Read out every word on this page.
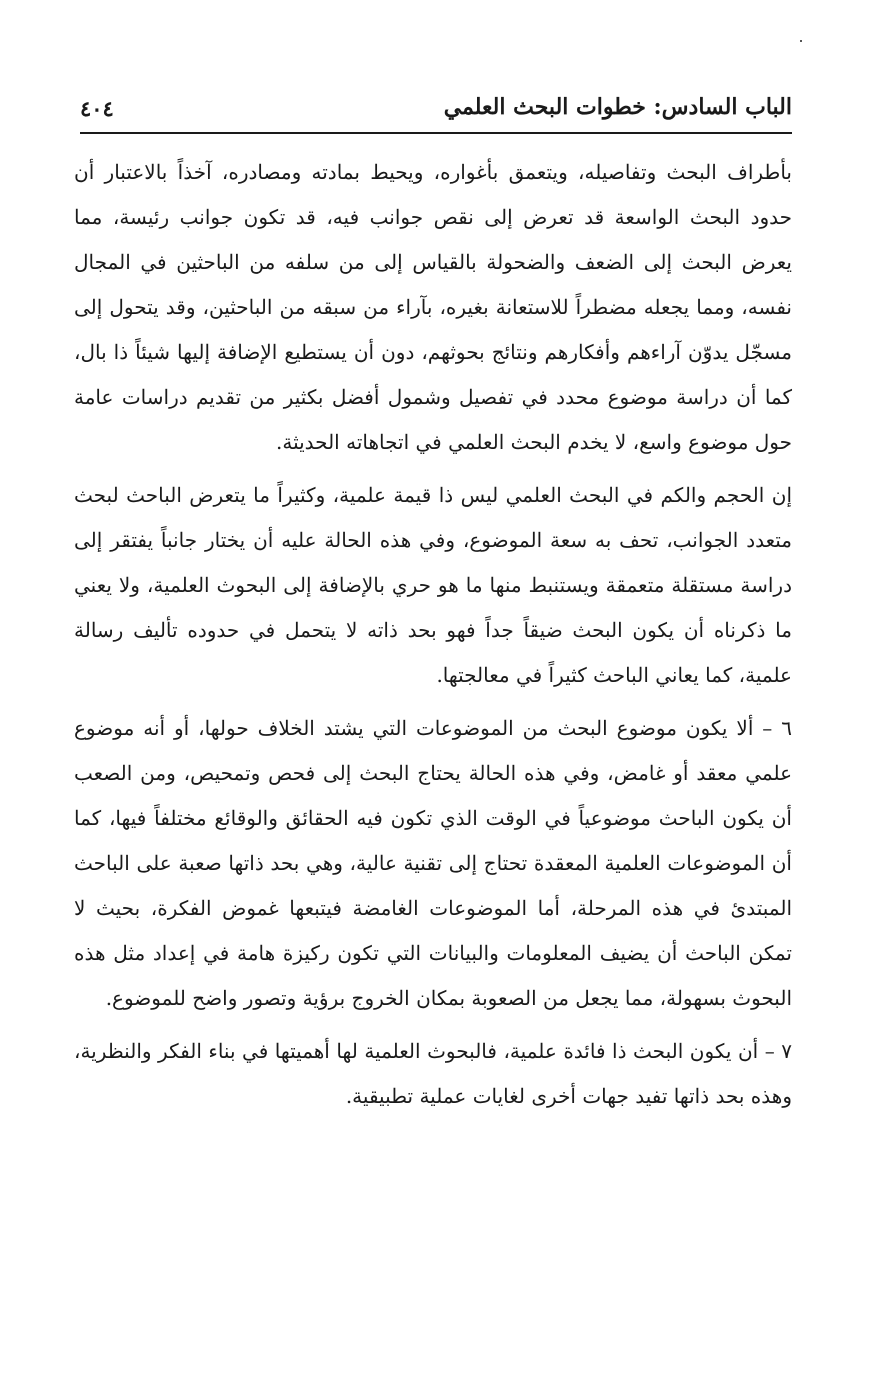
الباب السادس: خطوات البحث العلمي
٤٠٤

بأطراف البحث وتفاصيله، ويتعمق بأغواره، ويحيط بمادته ومصادره، آخذاً بالاعتبار أن حدود البحث الواسعة قد تعرض إلى نقص جوانب فيه، قد تكون جوانب رئيسة، مما يعرض البحث إلى الضعف والضحولة بالقياس إلى من سلفه من الباحثين في المجال نفسه، ومما يجعله مضطراً للاستعانة بغيره، بآراء من سبقه من الباحثين، وقد يتحول إلى مسجّل يدوّن آراءهم وأفكارهم ونتائج بحوثهم، دون أن يستطيع الإضافة إليها شيئاً ذا بال، كما أن دراسة موضوع محدد في تفصيل وشمول أفضل بكثير من تقديم دراسات عامة حول موضوع واسع، لا يخدم البحث العلمي في اتجاهاته الحديثة.

إن الحجم والكم في البحث العلمي ليس ذا قيمة علمية، وكثيراً ما يتعرض الباحث لبحث متعدد الجوانب، تحف به سعة الموضوع، وفي هذه الحالة عليه أن يختار جانباً يفتقر إلى دراسة مستقلة متعمقة ويستنبط منها ما هو حري بالإضافة إلى البحوث العلمية، ولا يعني ما ذكرناه أن يكون البحث ضيقاً جداً فهو بحد ذاته لا يتحمل في حدوده تأليف رسالة علمية، كما يعاني الباحث كثيراً في معالجتها.

٦ – ألا يكون موضوع البحث من الموضوعات التي يشتد الخلاف حولها، أو أنه موضوع علمي معقد أو غامض، وفي هذه الحالة يحتاج البحث إلى فحص وتمحيص، ومن الصعب أن يكون الباحث موضوعياً في الوقت الذي تكون فيه الحقائق والوقائع مختلفاً فيها، كما أن الموضوعات العلمية المعقدة تحتاج إلى تقنية عالية، وهي بحد ذاتها صعبة على الباحث المبتدئ في هذه المرحلة، أما الموضوعات الغامضة فيتبعها غموض الفكرة، بحيث لا تمكن الباحث أن يضيف المعلومات والبيانات التي تكون ركيزة هامة في إعداد مثل هذه البحوث بسهولة، مما يجعل من الصعوبة بمكان الخروج برؤية وتصور واضح للموضوع.

٧ – أن يكون البحث ذا فائدة علمية، فالبحوث العلمية لها أهميتها في بناء الفكر والنظرية، وهذه بحد ذاتها تفيد جهات أخرى لغايات عملية تطبيقية.
